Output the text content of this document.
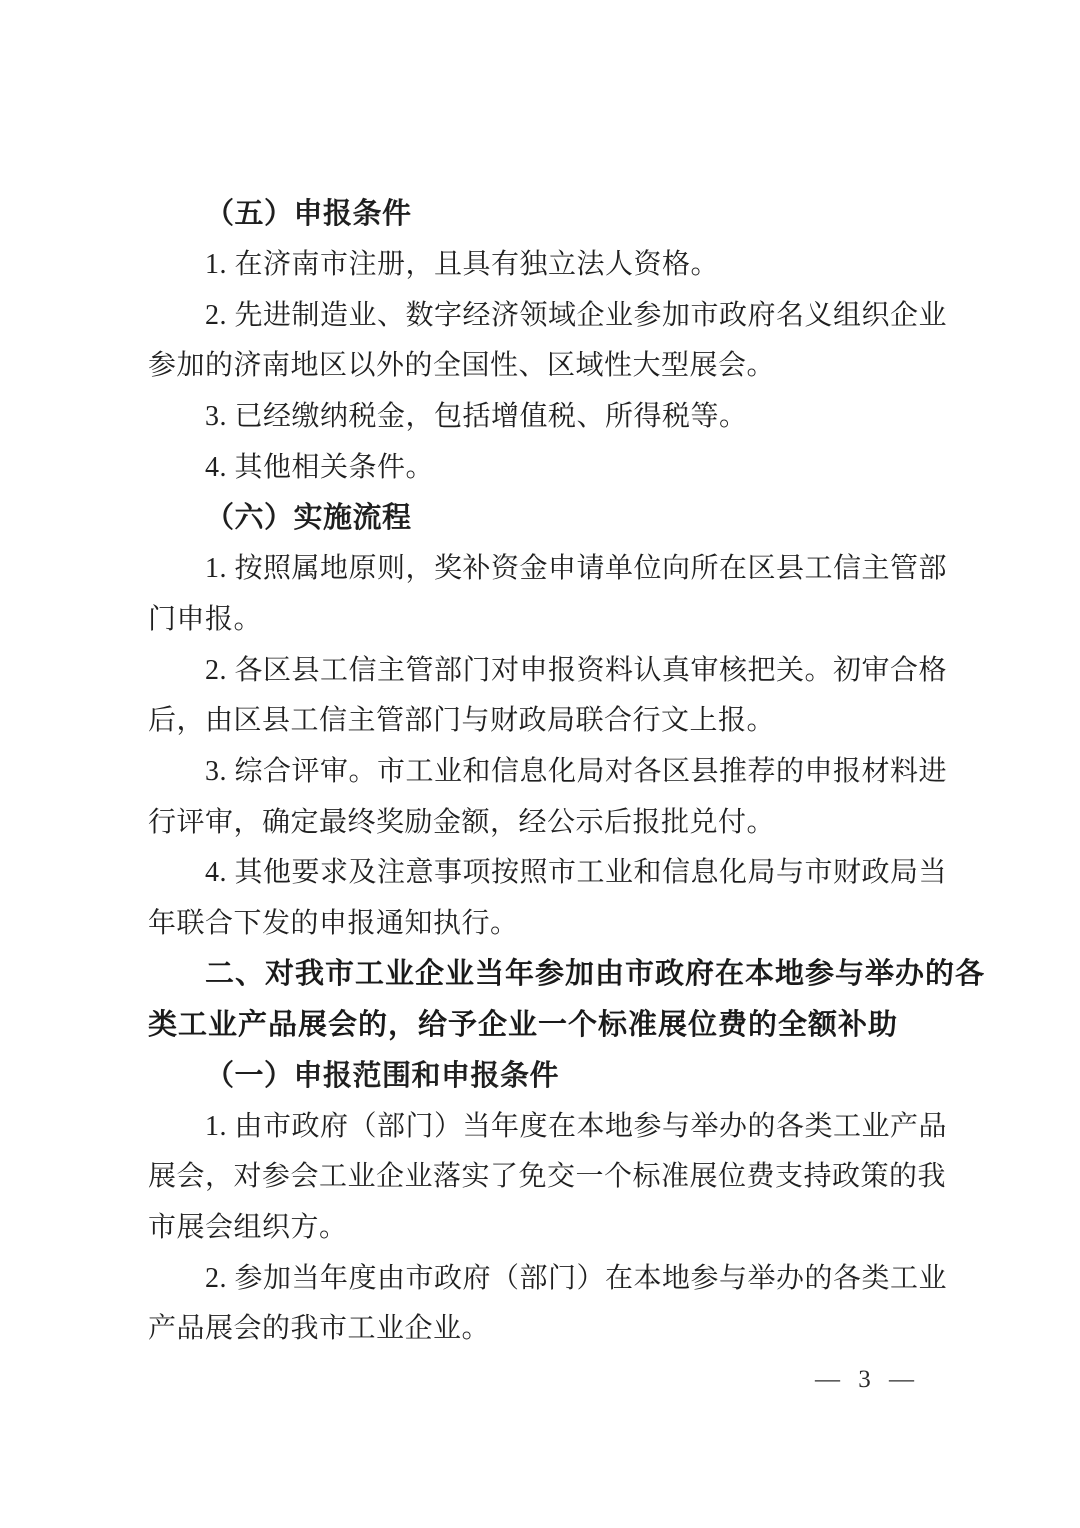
（五）申报条件
1. 在济南市注册，且具有独立法人资格。
2. 先进制造业、数字经济领域企业参加市政府名义组织企业
参加的济南地区以外的全国性、区域性大型展会。
3. 已经缴纳税金，包括增值税、所得税等。
4. 其他相关条件。
（六）实施流程
1. 按照属地原则，奖补资金申请单位向所在区县工信主管部
门申报。
2. 各区县工信主管部门对申报资料认真审核把关。初审合格
后，由区县工信主管部门与财政局联合行文上报。
3. 综合评审。市工业和信息化局对各区县推荐的申报材料进
行评审，确定最终奖励金额，经公示后报批兑付。
4. 其他要求及注意事项按照市工业和信息化局与市财政局当
年联合下发的申报通知执行。
二、对我市工业企业当年参加由市政府在本地参与举办的各
类工业产品展会的，给予企业一个标准展位费的全额补助
（一）申报范围和申报条件
1. 由市政府（部门）当年度在本地参与举办的各类工业产品
展会，对参会工业企业落实了免交一个标准展位费支持政策的我
市展会组织方。
2. 参加当年度由市政府（部门）在本地参与举办的各类工业
产品展会的我市工业企业。
— 3 —
